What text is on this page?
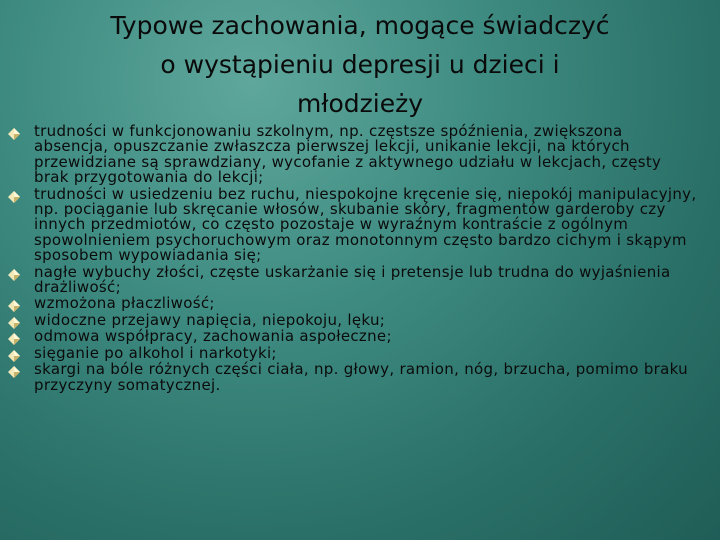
Typowe zachowania, mogące świadczyć
o wystąpieniu depresji u dzieci i
młodzieży
trudności w funkcjonowaniu szkolnym, np. częstsze spóźnienia, zwiększona absencja, opuszczanie zwłaszcza pierwszej lekcji, unikanie lekcji, na których przewidziane są sprawdziany, wycofanie z aktywnego udziału w lekcjach, częsty brak przygotowania do lekcji;
trudności w usiedzeniu bez ruchu, niespokojne kręcenie się, niepokój manipulacyjny, np. pociąganie lub skręcanie włosów, skubanie skóry, fragmentów garderoby czy innych przedmiotów, co często pozostaje w wyraźnym kontraście z ogólnym spowolnieniem psychoruchowym oraz monotonnym często bardzo cichym i skąpym sposobem wypowiadania się;
nagłe wybuchy złości, częste uskarżanie się i pretensje lub trudna do wyjaśnienia drażliwość;
wzmożona płaczliwość;
widoczne przejawy napięcia, niepokoju, lęku;
odmowa współpracy, zachowania aspołeczne;
sięganie po alkohol i narkotyki;
skargi na bóle różnych części ciała, np. głowy, ramion, nóg, brzucha, pomimo braku przyczyny somatycznej.
